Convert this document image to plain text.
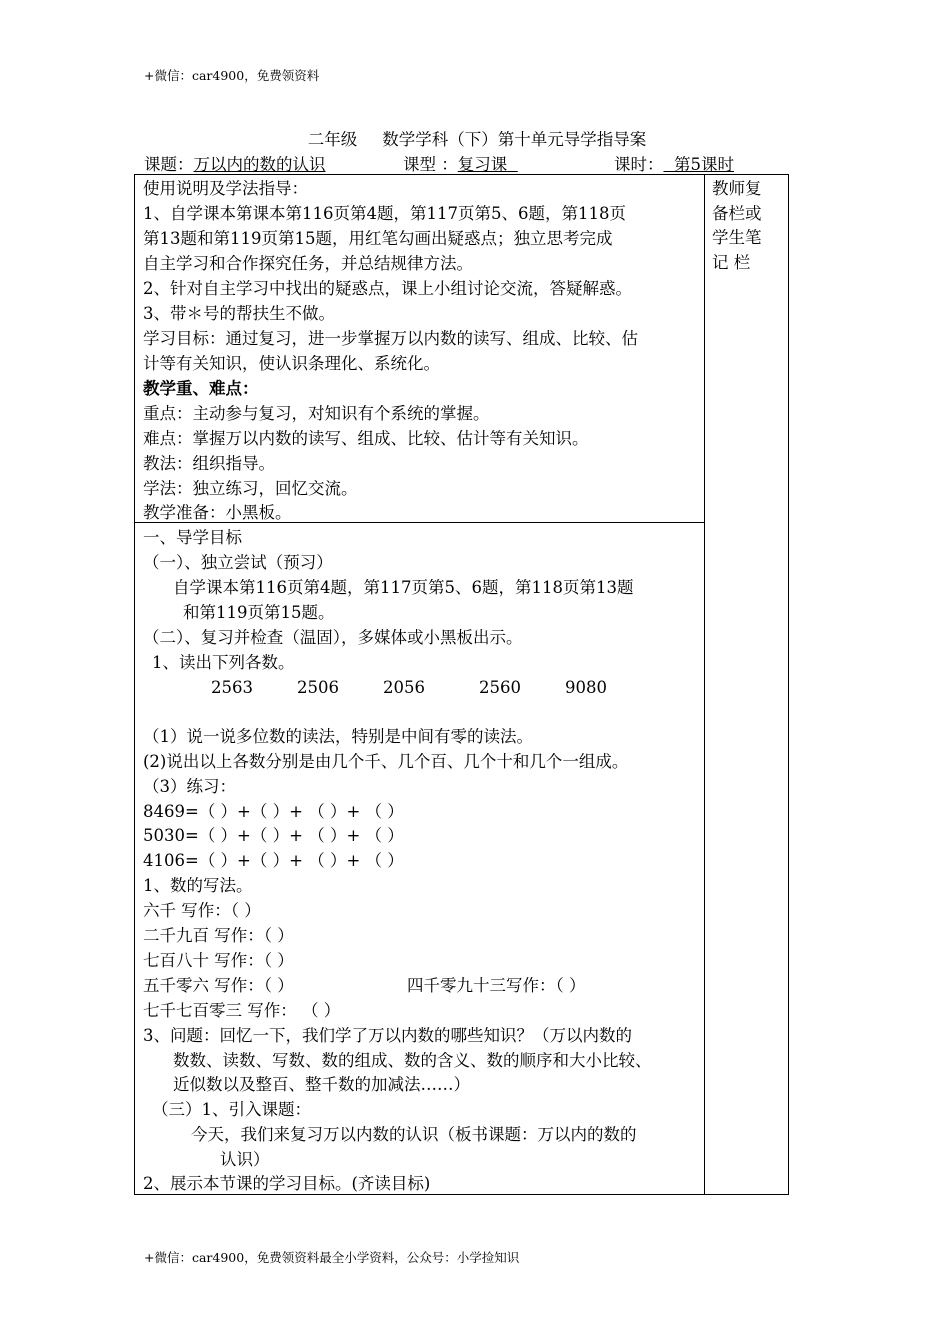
+微信：car4900，免费领资料
二年级 数学学科（下）第十单元导学指导案
课题：万以内的数的认识	课型 ：复习课	课时： 第5课时
教师复
备栏或
学生笔
记 栏
使用说明及学法指导：
1、自学课本第课本第116页第4题，第117页第5、6题，第118页
第13题和第119页第15题，用红笔勾画出疑惑点；独立思考完成
自主学习和合作探究任务，并总结规律方法。
2、针对自主学习中找出的疑惑点，课上小组讨论交流，答疑解惑。
3、带＊号的帮扶生不做。
学习目标：通过复习，进一步掌握万以内数的读写、组成、比较、估
计等有关知识，使认识条理化、系统化。
教学重、难点：
重点：主动参与复习，对知识有个系统的掌握。
难点：掌握万以内数的读写、组成、比较、估计等有关知识。
教法：组织指导。
学法：独立练习，回忆交流。
教学准备：小黑板。
一、导学目标
（一）、独立尝试（预习）
自学课本第116页第4题，第117页第5、6题，第118页第13题
和第119页第15题。
（二）、复习并检查（温固），多媒体或小黑板出示。
1、读出下列各数。
2563	2506	2056	2560	9080
（1）说一说多位数的读法，特别是中间有零的读法。
(2)说出以上各数分别是由几个千、几个百、几个十和几个一组成。
（3）练习：
8469=（ ）+（ ）+ （ ）+ （ ）
5030=（ ）+（ ）+ （ ）+ （ ）
4106=（ ）+（ ）+ （ ）+ （ ）
1、数的写法。
六千 写作：（ ）
二千九百 写作：（ ）
七百八十 写作：（ ）
五千零六 写作：（ ）	四千零九十三写作：（ ）
七千七百零三 写作： （ ）
3、问题：回忆一下，我们学了万以内数的哪些知识？（万以内数的
数数、读数、写数、数的组成、数的含义、数的顺序和大小比较、
近似数以及整百、整千数的加减法……）
（三）1、引入课题：
今天，我们来复习万以内数的认识（板书课题：万以内的数的
认识）
2、展示本节课的学习目标。(齐读目标)
+微信：car4900，免费领资料最全小学资料，公众号：小学捡知识
